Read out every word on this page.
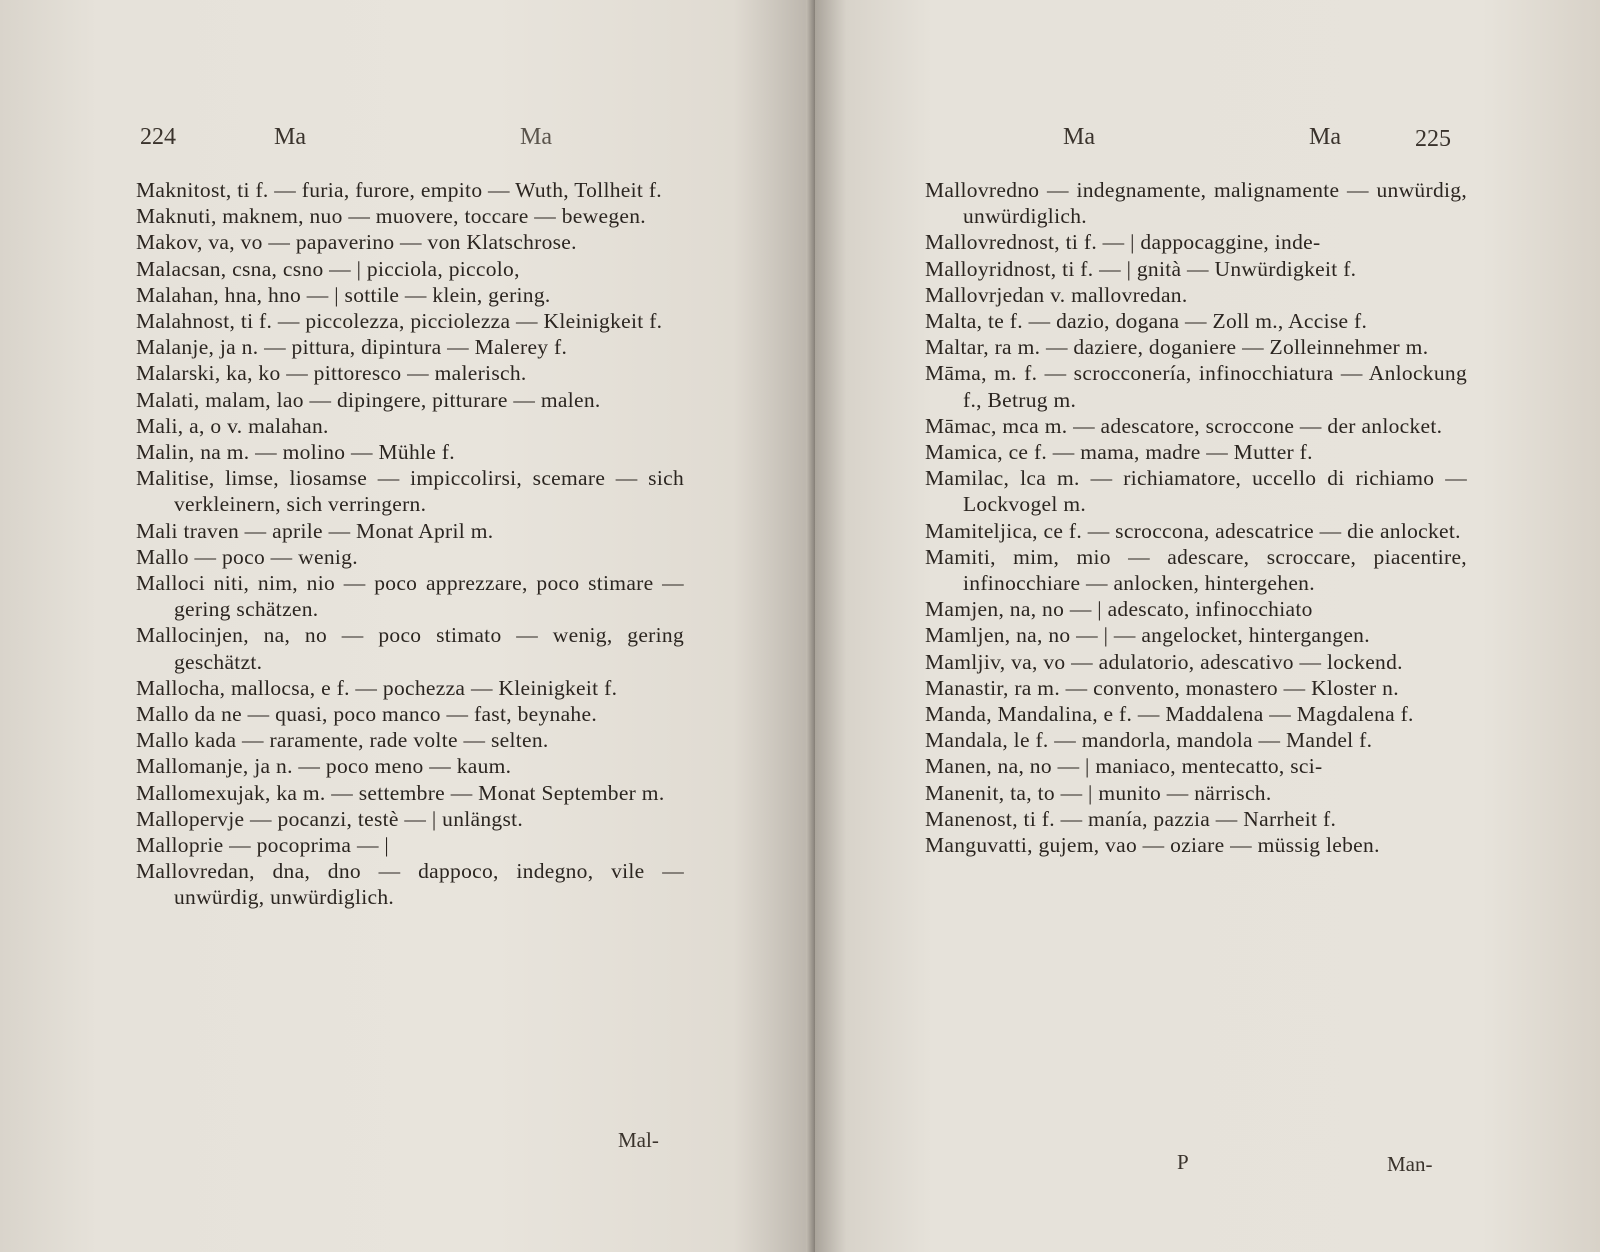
224	Ma	Ma
Maknitost, ti f. — furia, furore, empito — Wuth, Tollheit f.
Maknuti, maknem, nuo — muovere, toccare — bewegen.
Makov, va, vo — papaverino — von Klatschrose.
Malacsan, csna, csno — | picciola, piccolo,
Malahan, hna, hno — | sottile — klein, gering.
Malahnost, ti f. — piccolezza, picciolezza — Kleinigkeit f.
Malanje, ja n. — pittura, dipintura — Malerey f.
Malarski, ka, ko — pittoresco — malerisch.
Malati, malam, lao — dipingere, pitturare — malen.
Mali, a, o v. malahan.
Malin, na m. — molino — Mühle f.
Malitise, limse, liosamse — impiccolirsi, scemare — sich verkleinern, sich verringern.
Mali traven — aprile — Monat April m.
Mallo — poco — wenig.
Malloci niti, nim, nio — poco apprezzare, poco stimare — gering schätzen.
Mallocinjen, na, no — poco stimato — wenig, gering geschätzt.
Mallocha, mallocsa, e f. — pochezza — Kleinigkeit f.
Mallo da ne — quasi, poco manco — fast, beynahe.
Mallo kada — raramente, rade volte — selten.
Mallomanje, ja n. — poco meno — kaum.
Mallomexujak, ka m. — settembre — Monat September m.
Mallopervje — pocanzi, testè — | unlängst.
Malloprie — pocoprima — |
Mallovredan, dna, dno — dappoco, indegno, vile — unwürdig, unwürdiglich.
Mal-
Ma	Ma	225
Mallovredno — indegnamente, malignamente — unwürdig, unwürdiglich.
Mallovrednost, ti f. — | dappocaggine, inde-
Malloyridnost, ti f. — | gnità — Unwürdigkeit f.
Mallovrjedan v. mallovredan.
Malta, te f. — dazio, dogana — Zoll m., Accise f.
Maltar, ra m. — daziere, doganiere — Zolleinnehmer m.
Māma, m. f. — scrocconería, infinocchiatura — Anlockung f., Betrug m.
Māmac, mca m. — adescatore, scroccone — der anlocket.
Mamica, ce f. — mama, madre — Mutter f.
Mamilac, lca m. — richiamatore, uccello di richiamo — Lockvogel m.
Mamiteljica, ce f. — scroccona, adescatrice — die anlocket.
Mamiti, mim, mio — adescare, scroccare, piacentire, infinocchiare — anlocken, hintergehen.
Mamjen, na, no — | adescato, infinocchiato
Mamljen, na, no — | — angelocket, hintergangen.
Mamljiv, va, vo — adulatorio, adescativo — lockend.
Manastir, ra m. — convento, monastero — Kloster n.
Manda, Mandalina, e f. — Maddalena — Magdalena f.
Mandala, le f. — mandorla, mandola — Mandel f.
Manen, na, no — | maniaco, mentecatto, sci-
Manenit, ta, to — | munito — närrisch.
Manenost, ti f. — manía, pazzia — Narrheit f.
Manguvatti, gujem, vao — oziare — müssig leben.
P	Man-
